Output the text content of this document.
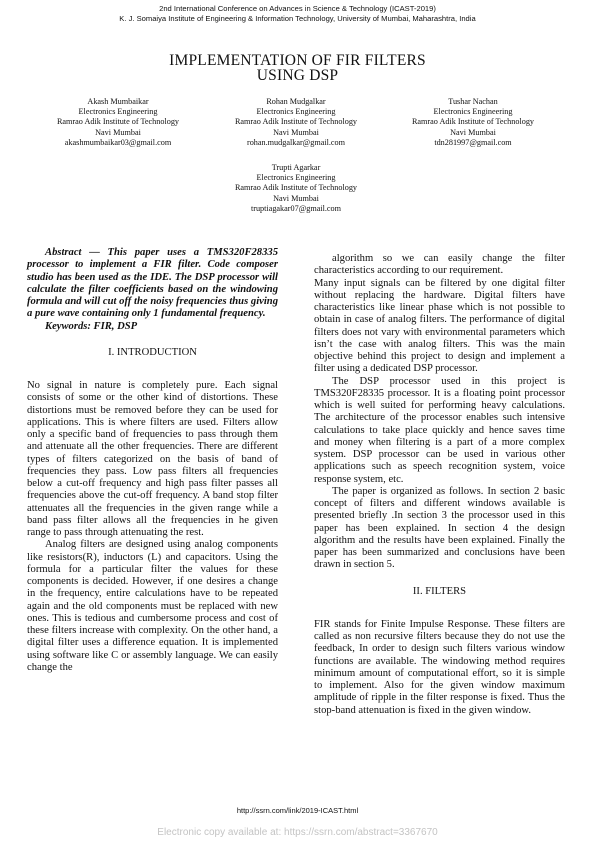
2nd International Conference on Advances in Science & Technology (ICAST-2019)
K. J. Somaiya Institute of Engineering & Information Technology, University of Mumbai, Maharashtra, India
IMPLEMENTATION OF FIR FILTERS
USING DSP
Akash Mumbaikar
Electronics Engineering
Ramrao Adik Institute of Technology
Navi Mumbai
akashmumbaikar03@gmail.com
Rohan Mudgalkar
Electronics Engineering
Ramrao Adik Institute of Technology
Navi Mumbai
rohan.mudgalkar@gmail.com
Tushar Nachan
Electronics Engineering
Ramrao Adik Institute of Technology
Navi Mumbai
tdn281997@gmail.com
Trupti Agarkar
Electronics Engineering
Ramrao Adik Institute of Technology
Navi Mumbai
truptiagakar07@gmail.com

Abstract — This paper uses a TMS320F28335 processor to implement a FIR filter. Code composer studio has been used as the IDE. The DSP processor will calculate the filter coefficients based on the windowing formula and will cut off the noisy frequencies thus giving a pure wave containing only 1 fundamental frequency.

Keywords: FIR, DSP

I. INTRODUCTION

No signal in nature is completely pure. Each signal consists of some or the other kind of distortions. These distortions must be removed before they can be used for applications. This is where filters are used. Filters allow only a specific band of frequencies to pass through them and attenuate all the other frequencies. There are different types of filters categorized on the basis of band of frequencies they pass. Low pass filters all frequencies below a cut-off frequency and high pass filter passes all frequencies above the cut-off frequency. A band stop filter attenuates all the frequencies in the given range while a band pass filter allows all the frequencies in he given range to pass through attenuating the rest.

Analog filters are designed using analog components like resistors(R), inductors (L) and capacitors. Using the formula for a particular filter the values for these components is decided. However, if one desires a change in the frequency, entire calculations have to be repeated again and the old components must be replaced with new ones. This is tedious and cumbersome process and cost of these filters increase with complexity. On the other hand, a digital filter uses a difference equation. It is implemented using software like C or assembly language. We can easily change the

algorithm so we can easily change the filter characteristics according to our requirement.

Many input signals can be filtered by one digital filter without replacing the hardware. Digital filters have characteristics like linear phase which is not possible to obtain in case of analog filters. The performance of digital filters does not vary with environmental parameters which isn’t the case with analog filters. This was the main objective behind this project to design and implement a filter using a dedicated DSP processor.

The DSP processor used in this project is TMS320F28335 processor. It is a floating point processor which is well suited for performing heavy calculations. The architecture of the processor enables such intensive calculations to take place quickly and hence saves time and money when filtering is a part of a more complex system. DSP processor can be used in various other applications such as speech recognition system, voice response system, etc.

The paper is organized as follows. In section 2 basic concept of filters and different windows available is presented briefly .In section 3 the processor used in this paper has been explained. In section 4 the design algorithm and the results have been explained. Finally the paper has been summarized and conclusions have been drawn in section 5.

II. FILTERS

FIR stands for Finite Impulse Response. These filters are called as non recursive filters because they do not use the feedback, In order to design such filters various window functions are available. The windowing method requires minimum amount of computational effort, so it is simple to implement. Also for the given window maximum amplitude of ripple in the filter response is fixed. Thus the stop-band attenuation is fixed in the given window.

http://ssrn.com/link/2019-ICAST.html
Electronic copy available at: https://ssrn.com/abstract=3367670
